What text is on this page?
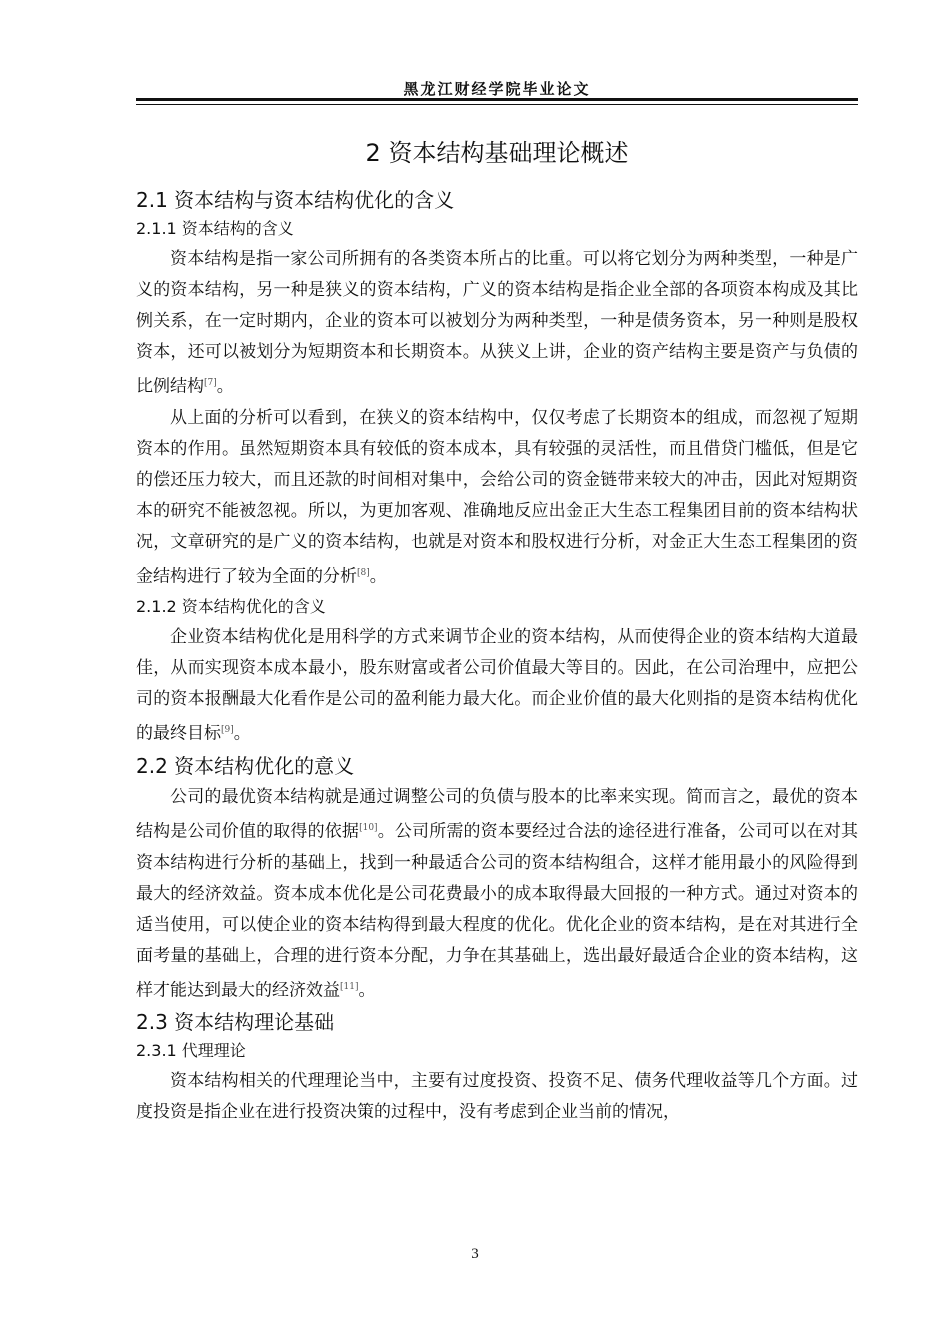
黑龙江财经学院毕业论文
2 资本结构基础理论概述
2.1 资本结构与资本结构优化的含义
2.1.1 资本结构的含义

资本结构是指一家公司所拥有的各类资本所占的比重。可以将它划分为两种类型，一种是广义的资本结构，另一种是狭义的资本结构，广义的资本结构是指企业全部的各项资本构成及其比例关系，在一定时期内，企业的资本可以被划分为两种类型，一种是债务资本，另一种则是股权资本，还可以被划分为短期资本和长期资本。从狭义上讲，企业的资产结构主要是资产与负债的比例结构[7]。

从上面的分析可以看到，在狭义的资本结构中，仅仅考虑了长期资本的组成，而忽视了短期资本的作用。虽然短期资本具有较低的资本成本，具有较强的灵活性，而且借贷门槛低，但是它的偿还压力较大，而且还款的时间相对集中，会给公司的资金链带来较大的冲击，因此对短期资本的研究不能被忽视。所以，为更加客观、准确地反应出金正大生态工程集团目前的资本结构状况，文章研究的是广义的资本结构，也就是对资本和股权进行分析，对金正大生态工程集团的资金结构进行了较为全面的分析[8]。

2.1.2 资本结构优化的含义

企业资本结构优化是用科学的方式来调节企业的资本结构，从而使得企业的资本结构大道最佳，从而实现资本成本最小，股东财富或者公司价值最大等目的。因此，在公司治理中，应把公司的资本报酬最大化看作是公司的盈利能力最大化。而企业价值的最大化则指的是资本结构优化的最终目标[9]。

2.2 资本结构优化的意义

公司的最优资本结构就是通过调整公司的负债与股本的比率来实现。简而言之，最优的资本结构是公司价值的取得的依据[10]。公司所需的资本要经过合法的途径进行准备，公司可以在对其资本结构进行分析的基础上，找到一种最适合公司的资本结构组合，这样才能用最小的风险得到最大的经济效益。资本成本优化是公司花费最小的成本取得最大回报的一种方式。通过对资本的适当使用，可以使企业的资本结构得到最大程度的优化。优化企业的资本结构，是在对其进行全面考量的基础上，合理的进行资本分配，力争在其基础上，选出最好最适合企业的资本结构，这样才能达到最大的经济效益[11]。

2.3 资本结构理论基础
2.3.1 代理理论

资本结构相关的代理理论当中，主要有过度投资、投资不足、债务代理收益等几个方面。过度投资是指企业在进行投资决策的过程中，没有考虑到企业当前的情况，

3
